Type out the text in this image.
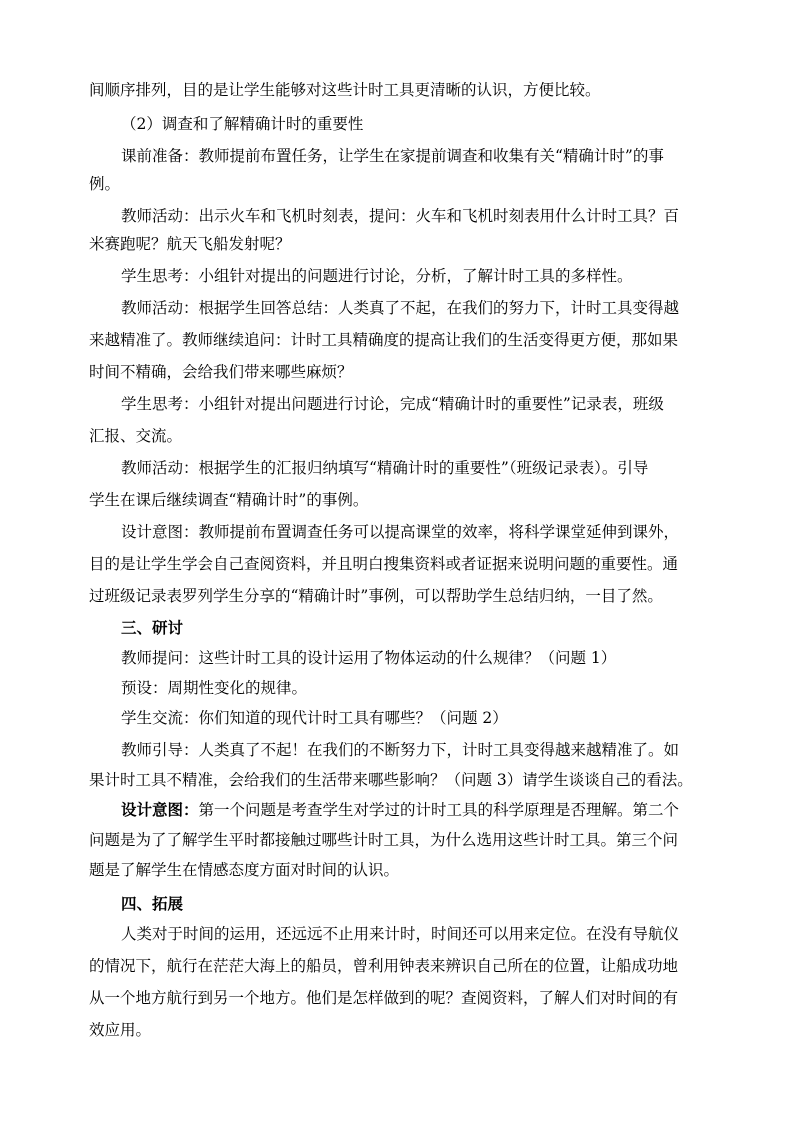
间顺序排列，目的是让学生能够对这些计时工具更清晰的认识，方便比较。
（2）调查和了解精确计时的重要性
课前准备：教师提前布置任务，让学生在家提前调查和收集有关“精确计时”的事
例。
教师活动：出示火车和飞机时刻表，提问：火车和飞机时刻表用什么计时工具？百
米赛跑呢？航天飞船发射呢？
学生思考：小组针对提出的问题进行讨论，分析，了解计时工具的多样性。
教师活动：根据学生回答总结：人类真了不起，在我们的努力下，计时工具变得越
来越精准了。教师继续追问：计时工具精确度的提高让我们的生活变得更方便，那如果
时间不精确，会给我们带来哪些麻烦？
学生思考：小组针对提出问题进行讨论，完成“精确计时的重要性”记录表，班级
汇报、交流。
教师活动：根据学生的汇报归纳填写“精确计时的重要性”（班级记录表）。引导
学生在课后继续调查“精确计时”的事例。
设计意图：教师提前布置调查任务可以提高课堂的效率，将科学课堂延伸到课外，
目的是让学生学会自己查阅资料，并且明白搜集资料或者证据来说明问题的重要性。通
过班级记录表罗列学生分享的“精确计时”事例，可以帮助学生总结归纳，一目了然。
三、研讨
教师提问：这些计时工具的设计运用了物体运动的什么规律？（问题 1）
预设：周期性变化的规律。
学生交流：你们知道的现代计时工具有哪些？（问题 2）
教师引导：人类真了不起！在我们的不断努力下，计时工具变得越来越精准了。如
果计时工具不精准，会给我们的生活带来哪些影响？（问题 3）请学生谈谈自己的看法。
设计意图：第一个问题是考查学生对学过的计时工具的科学原理是否理解。第二个
问题是为了了解学生平时都接触过哪些计时工具，为什么选用这些计时工具。第三个问
题是了解学生在情感态度方面对时间的认识。
四、拓展
人类对于时间的运用，还远远不止用来计时，时间还可以用来定位。在没有导航仪
的情况下，航行在茫茫大海上的船员，曾利用钟表来辨识自己所在的位置，让船成功地
从一个地方航行到另一个地方。他们是怎样做到的呢？查阅资料，了解人们对时间的有
效应用。
